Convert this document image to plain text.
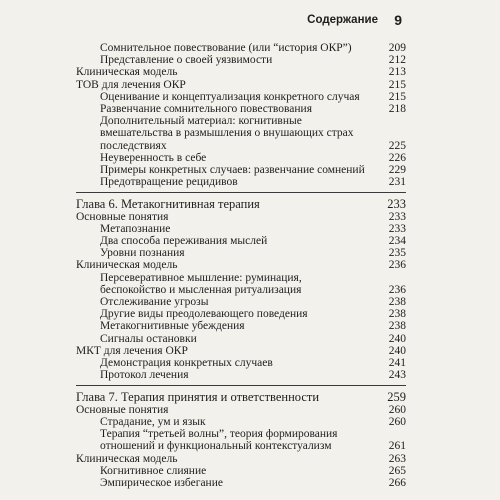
Содержание 9
Сомнительное повествование (или “история ОКР”)	209
Представление о своей уязвимости	212
Клиническая модель	213
ТОВ для лечения ОКР	215
Оценивание и концептуализация конкретного случая	215
Развенчание сомнительного повествования	218
Дополнительный материал: когнитивные вмешательства в размышления о внушающих страх последствиях	225
Неуверенность в себе	226
Примеры конкретных случаев: развенчание сомнений	229
Предотвращение рецидивов	231
Глава 6. Метакогнитивная терапия	233
Основные понятия	233
Метапознание	233
Два способа переживания мыслей	234
Уровни познания	235
Клиническая модель	236
Персеверативное мышление: руминация, беспокойство и мысленная ритуализация	236
Отслеживание угрозы	238
Другие виды преодолевающего поведения	238
Метакогнитивные убеждения	238
Сигналы остановки	240
МКТ для лечения ОКР	240
Демонстрация конкретных случаев	241
Протокол лечения	243
Глава 7. Терапия принятия и ответственности	259
Основные понятия	260
Страдание, ум и язык	260
Терапия “третьей волны”, теория формирования отношений и функциональный контекстуализм	261
Клиническая модель	263
Когнитивное слияние	265
Эмпирическое избегание	266
